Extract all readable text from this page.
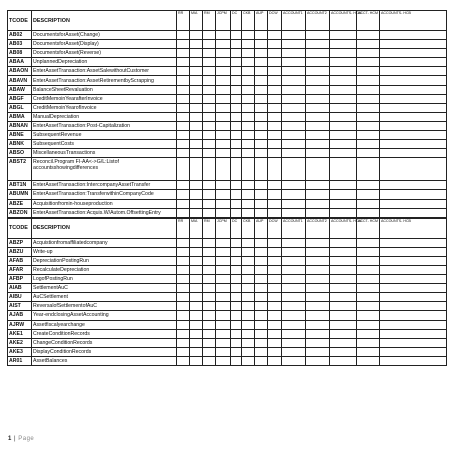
TCODE	DESCRIPTION	RR	MIA	RM	JCPM	DC	CKB	AUP	DCW	ACCOUNT1	ACCOUNT2	ACCOUNTS- HCM	ACCT- HCM	ACCOUNTS- HCB
AB02	DocumentsforAsset(Change)													
AB03	DocumentsforAsset(Display)													
AB08	DocumentsforAsset(Reverse)													
ABAA	UnplannedDepreciation													
ABAON	EnterAssetTransaction:AssetSalewithoutCustomer													
ABAVN	EnterAssetTransaction:AssetRetirementbyScrapping													
ABAW	BalanceSheetRevaluation													
ABGF	CreditMemoinYearafterInvoice													
ABGL	CreditMemoinYearofInvoice													
ABMA	ManualDepreciation													
ABNAN	EnterAssetTransaction:Post-Capitalization													
ABNE	SubsequentRevenue													
ABNK	SubsequentCosts													
ABSO	MiscellaneousTransactions													
ABST2	Reconcil.Program FI-AA<->G/L:Listof accountsshowingdifferences													
ABT1N	EnterAssetTransaction:IntercompanyAssetTransfer													
ABUMN	EnterAssetTransaction:TransferwithinCompanyCode													
ABZE	Acquisitionfromin-houseproduction													
ABZON	EnterAssetTransaction:Acquis.W/Autom.OffsettingEntry													
TCODE	DESCRIPTION	RR	MIA	RM	JCPM	DC	CKB	AUP	DCW	ACCOUNT1	ACCOUNT2	ACCOUNTS- HCM	ACCT- HCM	ACCOUNTS- HCB
ABZP	Acquistionfromaffiliatedcompany													
ABZU	Write-up													
AFAB	DepreciationPostingRun													
AFAR	RecalculateDepreciation													
AFBP	LogofPostingRun													
AIAB	SettlementAuC													
AIBU	AuCSettlement													
AIST	ReversalofSettlementofAuC													
AJAB	Year-endclosingAssetAccounting													
AJRW	Assetfiscalyearchange													
AKE1	CreateConditionRecords													
AKE2	ChangeConditionRecords													
AKE3	DisplayConditionRecords													
AR01	AssetBalances													
1 | Page
